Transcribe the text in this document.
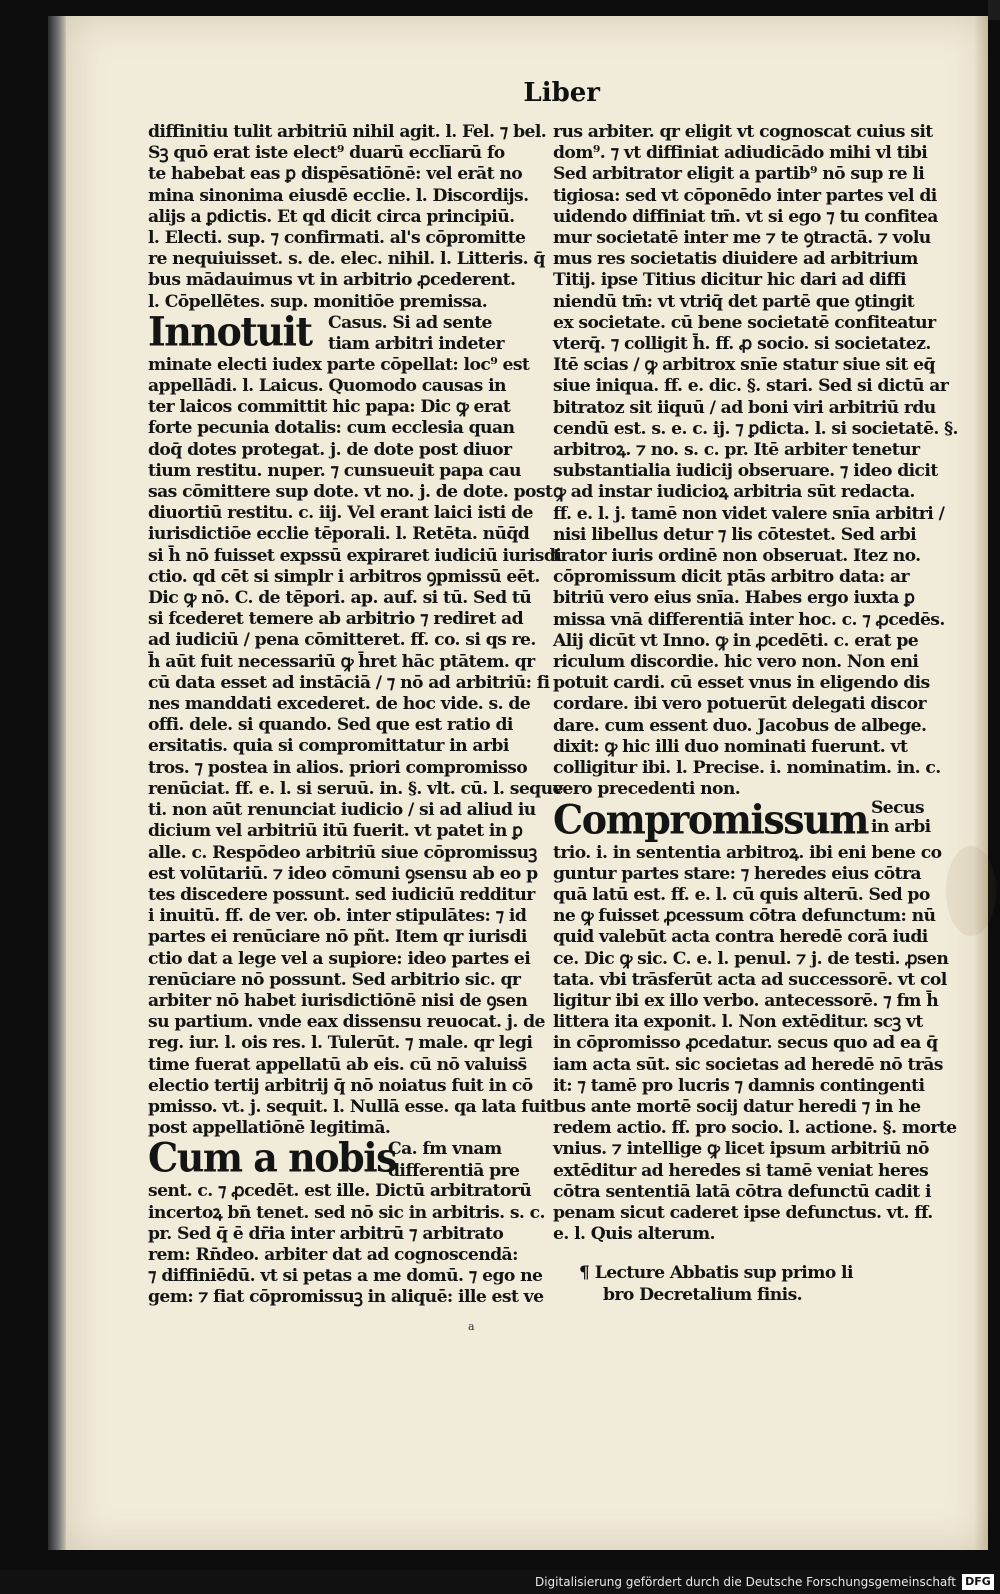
Liber
diffinitiu tulit arbitriū nihil agit. l. Fel. ⁊ bel.
Sꝫ quō erat iste elect⁹ duarū ecclīarū fo
te habebat eas ꝑ dispēsatiōnē: vel erāt no
mina sinonima eiusdē ecclie. l. Discordijs.
alijs a ꝑdictis. Et qd dicit circa principiū.
l. Electi. sup. ⁊ confirmati. al's cōpromitte
re nequiuisset. s. de. elec. nihil. l. Litteris. q̄
bus mādauimus vt in arbitrio ꝓcederent.
l. Cōpellētes. sup. monitiōe premissa.
Innotuit Casus. Si ad sente
tiam arbitri indeter
minate electi iudex parte cōpellat: loc⁹ est
appellādi. l. Laicus. Quomodo causas in
ter laicos committit hic papa: Dic ꝙ erat
forte pecunia dotalis: cum ecclesia quan
doq̄ dotes protegat. j. de dote post diuor
tium restitu. nuper. ⁊ cunsueuit papa cau
sas cōmittere sup dote. vt no. j. de dote. post
diuortiū restitu. c. iij. Vel erant laici isti de
iurisdictiōe ecclie tēporali. l. Retēta. nūq̄d
si h̄ nō fuisset expssū expiraret iudiciū iurisdi
ctio. qd cēt si simplr i arbitros ꝯpmissū eēt.
Dic ꝙ nō. C. de tēpori. ap. auf. si tū. Sed tū
si fcederet temere ab arbitrio ⁊ rediret ad
ad iudiciū / pena cōmitteret. ff. co. si qs re.
h̄ aūt fuit necessariū ꝙ h̄ret hāc ptātem. qr
cū data esset ad instāciā / ⁊ nō ad arbitriū: fi
nes manddati excederet. de hoc vide. s. de
offi. dele. si quando. Sed que est ratio di
ersitatis. quia si compromittatur in arbi
tros. ⁊ postea in alios. priori compromisso
renūciat. ff. e. l. si seruū. in. §. vlt. cū. l. seque
ti. non aūt renunciat iudicio / si ad aliud iu
dicium vel arbitriū itū fuerit. vt patet in ꝑ
alle. c. Respōdeo arbitriū siue cōpromissuꝫ
est volūtariū. ⁊ ideo cōmuni ꝯsensu ab eo p
tes discedere possunt. sed iudiciū redditur
i inuitū. ff. de ver. ob. inter stipulātes: ⁊ id
partes ei renūciare nō pñt. Item qr iurisdi
ctio dat a lege vel a supiore: ideo partes ei
renūciare nō possunt. Sed arbitrio sic. qr
arbiter nō habet iurisdictiōnē nisi de ꝯsen
su partium. vnde eax dissensu reuocat. j. de
reg. iur. l. ois res. l. Tulerūt. ⁊ male. qr legi
time fuerat appellatū ab eis. cū nō valuiss̄
electio tertij arbitrij q̄ nō noiatus fuit in cō
pmisso. vt. j. sequit. l. Nullā esse. qa lata fuit
post appellatiōnē legitimā.
Cum a nobis
Ca. fm vnam
differentiā pre
sent. c. ⁊ ꝓcedēt. est ille. Dictū arbitratorū
incertoꝝ bn̄ tenet. sed nō sic in arbitris. s. c.
pr. Sed q̄ ē dr̄ia inter arbitrū ⁊ arbitrato
rem: Rn̄deo. arbiter dat ad cognoscendā:
⁊ diffiniēdū. vt si petas a me domū. ⁊ ego ne
gem: ⁊ fiat cōpromissuꝫ in aliquē: ille est ve
rus arbiter. qr eligit vt cognoscat cuius sit
dom⁹. ⁊ vt diffiniat adiudicādo mihi vl tibi
Sed arbitrator eligit a partib⁹ nō sup re li
tigiosa: sed vt cōponēdo inter partes vel di
uidendo diffiniat tm̄. vt si ego ⁊ tu confitea
mur societatē inter me ⁊ te ꝯtractā. ⁊ volu
mus res societatis diuidere ad arbitrium
Titij. ipse Titius dicitur hic dari ad diffi
niendū tm̄: vt vtriq̄ det partē que ꝯtingit
ex societate. cū bene societatē confiteatur
vterq̄. ⁊ colligit h̄. ff. ꝓ socio. si societatez.
Itē scias / ꝙ arbitrox snīe statur siue sit eq̄
siue iniqua. ff. e. dic. §. stari. Sed si dictū ar
bitratoz sit iiquū / ad boni viri arbitriū rdu
cendū est. s. e. c. ij. ⁊ ꝑdicta. l. si societatē. §.
arbitroꝝ. ⁊ no. s. c. pr. Itē arbiter tenetur
substantialia iudicij obseruare. ⁊ ideo dicit
ꝙ ad instar iudicioꝝ arbitria sūt redacta.
ff. e. l. j. tamē non videt valere snīa arbitri /
nisi libellus detur ⁊ lis cōtestet. Sed arbi
trator iuris ordinē non obseruat. Itez no.
cōpromissum dicit ptās arbitro data: ar
bitriū vero eius snīa. Habes ergo iuxta ꝑ
missa vnā differentiā inter hoc. c. ⁊ ꝓcedēs.
Alij dicūt vt Inno. ꝙ in ꝓcedēti. c. erat pe
riculum discordie. hic vero non. Non eni
potuit cardi. cū esset vnus in eligendo dis
cordare. ibi vero potuerūt delegati discor
dare. cum essent duo. Jacobus de albege.
dixit: ꝙ hic illi duo nominati fuerunt. vt
colligitur ibi. l. Precise. i. nominatim. in. c.
vero precedenti non.
Compromissum Secus
in arbi
trio. i. in sententia arbitroꝝ. ibi eni bene co
guntur partes stare: ⁊ heredes eius cōtra
quā latū est. ff. e. l. cū quis alterū. Sed po
ne ꝙ fuisset ꝓcessum cōtra defunctum: nū
quid valebūt acta contra heredē corā iudi
ce. Dic ꝙ sic. C. e. l. penul. ⁊ j. de testi. ꝓsen
tata. vbi trāsferūt acta ad successorē. vt col
ligitur ibi ex illo verbo. antecessorē. ⁊ fm h̄
littera ita exponit. l. Non extēditur. scꝫ vt
in cōpromisso ꝓcedatur. secus quo ad ea q̄
iam acta sūt. sic societas ad heredē nō trās
it: ⁊ tamē pro lucris ⁊ damnis contingenti
bus ante mortē socij datur heredi ⁊ in he
redem actio. ff. pro socio. l. actione. §. morte
vnius. ⁊ intellige ꝙ licet ipsum arbitriū nō
extēditur ad heredes si tamē veniat heres
cōtra sententiā latā cōtra defunctū cadit i
penam sicut caderet ipse defunctus. vt. ff.
e. l. Quis alterum.
¶ Lecture Abbatis sup primo li
bro Decretalium finis.
a
Digitalisierung gefördert durch die Deutsche Forschungsgemeinschaft DFG
